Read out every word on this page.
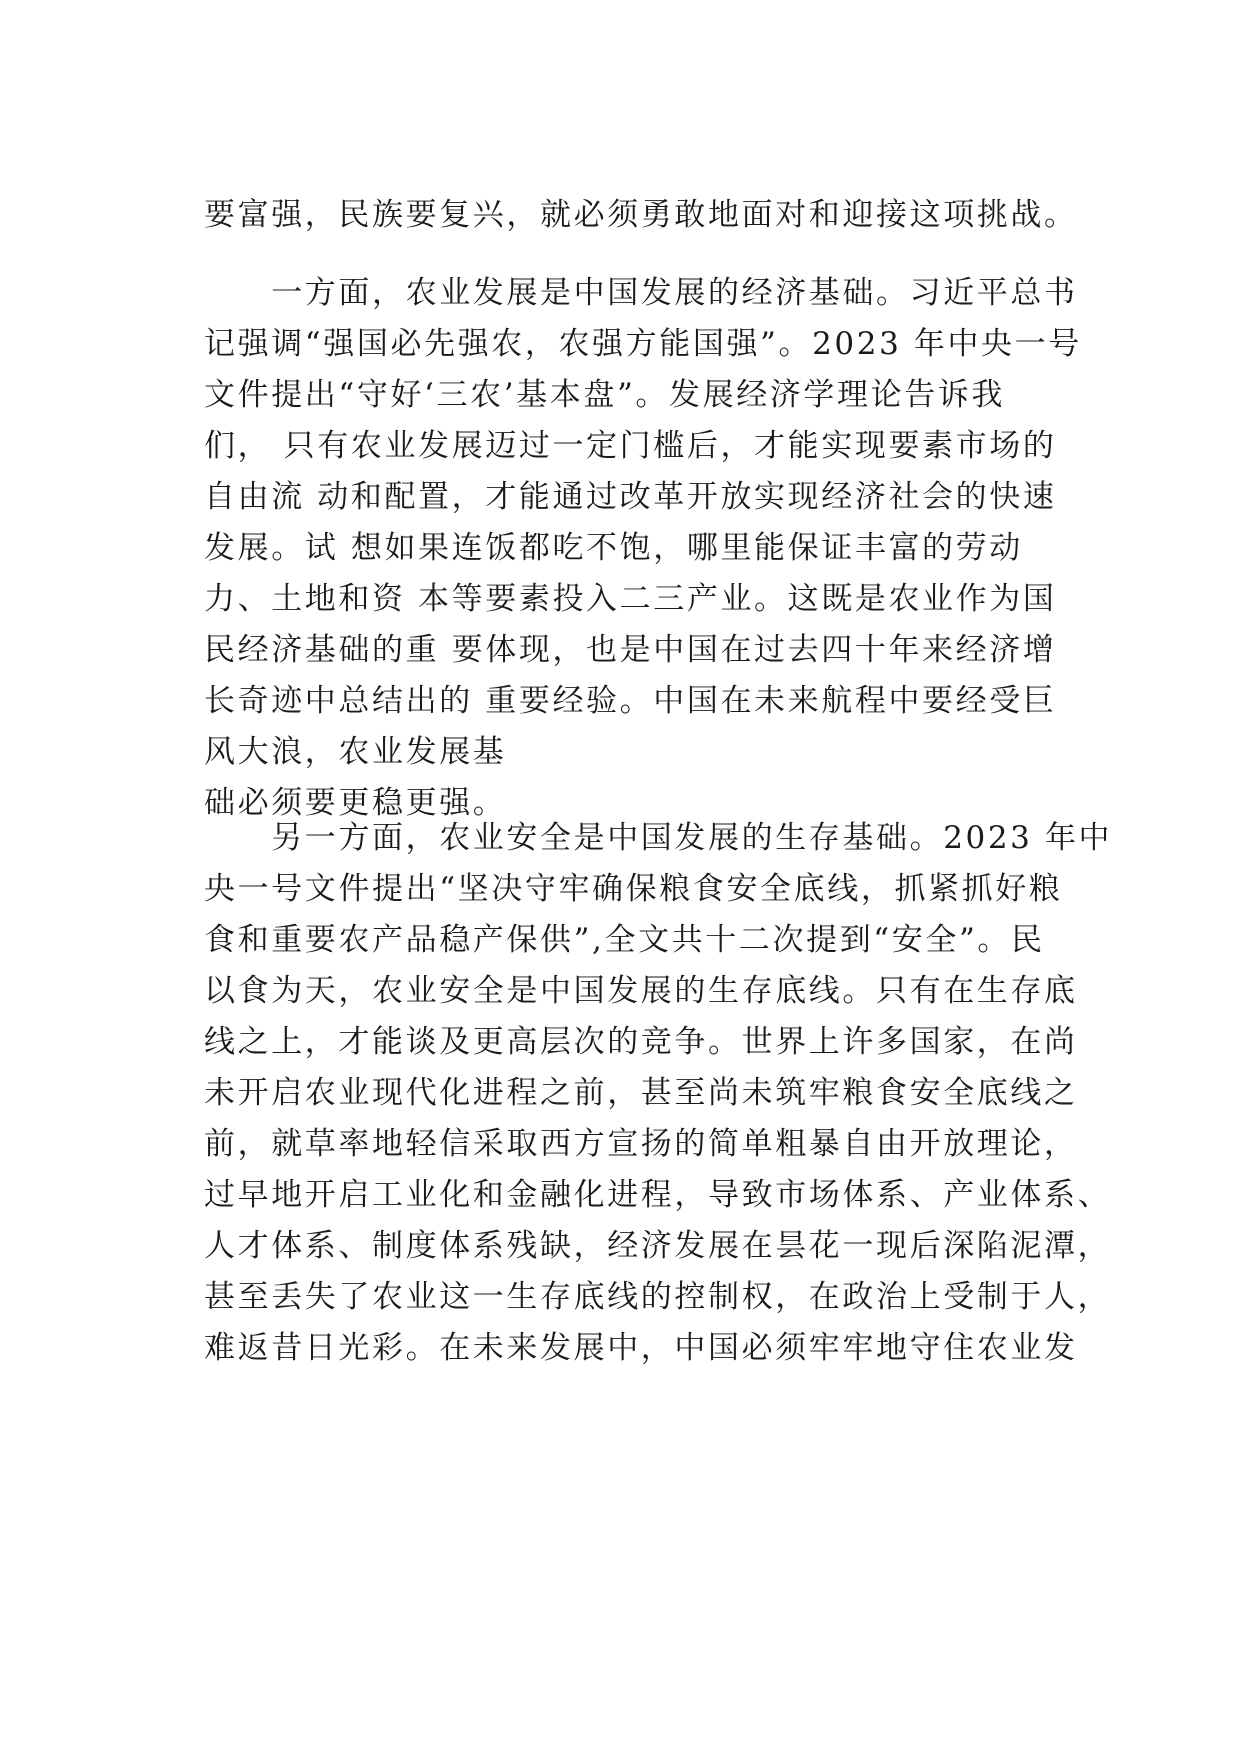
要富强，民族要复兴，就必须勇敢地面对和迎接这项挑战。
　　一方面，农业发展是中国发展的经济基础。习近平总书
记强调“强国必先强农，农强方能国强”。2023 年中央一号
文件提出“守好‘三农’基本盘”。发展经济学理论告诉我
们， 只有农业发展迈过一定门槛后，才能实现要素市场的
自由流 动和配置，才能通过改革开放实现经济社会的快速
发展。试 想如果连饭都吃不饱，哪里能保证丰富的劳动
力、土地和资 本等要素投入二三产业。这既是农业作为国
民经济基础的重 要体现，也是中国在过去四十年来经济增
长奇迹中总结出的 重要经验。中国在未来航程中要经受巨
风大浪，农业发展基
础必须要更稳更强。
　　另一方面，农业安全是中国发展的生存基础。2023 年中
央一号文件提出“坚决守牢确保粮食安全底线，抓紧抓好粮
食和重要农产品稳产保供”,全文共十二次提到“安全”。民
以食为天，农业安全是中国发展的生存底线。只有在生存底
线之上，才能谈及更高层次的竞争。世界上许多国家，在尚
未开启农业现代化进程之前，甚至尚未筑牢粮食安全底线之
前，就草率地轻信采取西方宣扬的简单粗暴自由开放理论，
过早地开启工业化和金融化进程，导致市场体系、产业体系、
人才体系、制度体系残缺，经济发展在昙花一现后深陷泥潭，
甚至丢失了农业这一生存底线的控制权，在政治上受制于人，
难返昔日光彩。在未来发展中，中国必须牢牢地守住农业发
